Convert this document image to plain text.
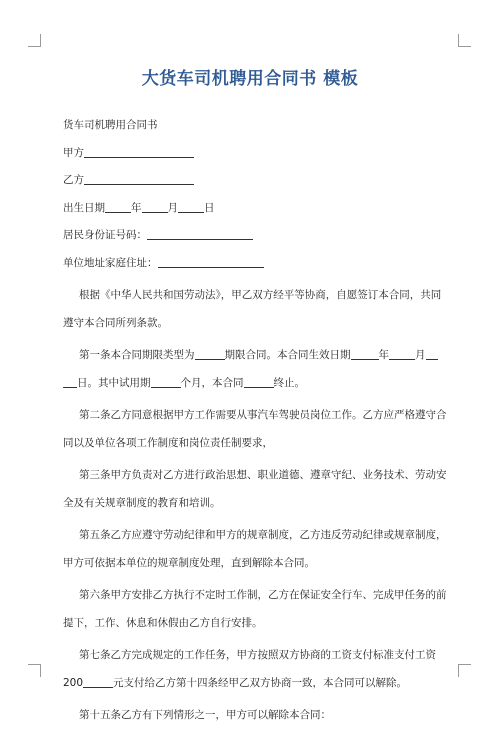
大货车司机聘用合同书 模板
货车司机聘用合同书
甲方
乙方
出生日期 年 月 日
居民身份证号码：
单位地址家庭住址：
根据《中华人民共和国劳动法》，甲乙双方经平等协商，自愿签订本合同，共同
遵守本合同所列条款。
第一条本合同期限类型为	期限合同。本合同生效日期	年 月
日。其中试用期	个月，本合同	终止。
第二条乙方同意根据甲方工作需要从事汽车驾驶员岗位工作。乙方应严格遵守合
同以及单位各项工作制度和岗位责任制要求，
第三条甲方负责对乙方进行政治思想、职业道德、遵章守纪、业务技术、劳动安
全及有关规章制度的教育和培训。
第五条乙方应遵守劳动纪律和甲方的规章制度，乙方违反劳动纪律或规章制度，
甲方可依据本单位的规章制度处理，直到解除本合同。
第六条甲方安排乙方执行不定时工作制，乙方在保证安全行车、完成甲任务的前
提下，工作、休息和休假由乙方自行安排。
第七条乙方完成规定的工作任务，甲方按照双方协商的工资支付标准支付工资
200	元支付给乙方第十四条经甲乙双方协商一致，本合同可以解除。
第十五条乙方有下列情形之一，甲方可以解除本合同：
